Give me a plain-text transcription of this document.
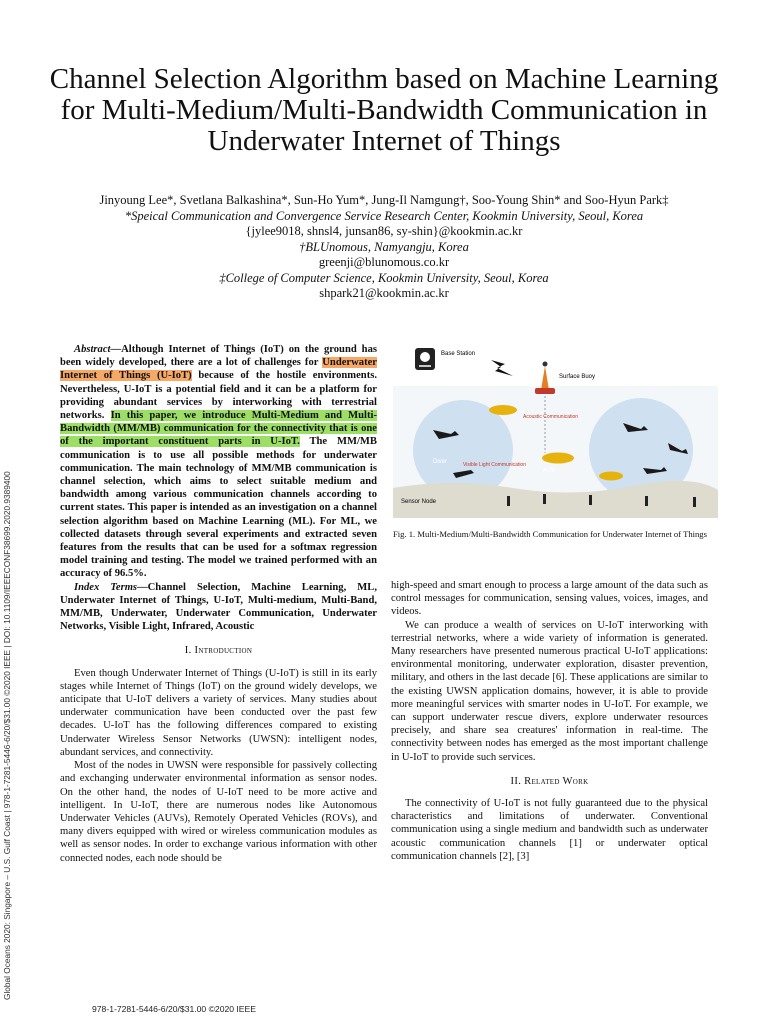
Channel Selection Algorithm based on Machine Learning for Multi-Medium/Multi-Bandwidth Communication in Underwater Internet of Things
Jinyoung Lee*, Svetlana Balkashina*, Sun-Ho Yum*, Jung-Il Namgung†, Soo-Young Shin* and Soo-Hyun Park‡
*Speical Communication and Convergence Service Research Center, Kookmin University, Seoul, Korea
{jylee9018, shnsl4, junsan86, sy-shin}@kookmin.ac.kr
†BLUnomous, Namyangju, Korea
greenji@blunomous.co.kr
‡College of Computer Science, Kookmin University, Seoul, Korea
shpark21@kookmin.ac.kr
Global Oceans 2020: Singapore – U.S. Gulf Coast | 978-1-7281-5446-6/20/$31.00 ©2020 IEEE | DOI: 10.1109/IEEECONF38699.2020.9389400

Abstract—Although Internet of Things (IoT) on the ground has been widely developed, there are a lot of challenges for Underwater Internet of Things (U-IoT) because of the hostile environments. Nevertheless, U-IoT is a potential field and it can be a platform for providing abundant services by interworking with terrestrial networks. In this paper, we introduce Multi-Medium and Multi-Bandwidth (MM/MB) communication for the connectivity that is one of the important constituent parts in U-IoT. The MM/MB communication is to use all possible methods for underwater communication. The main technology of MM/MB communication is channel selection, which aims to select suitable medium and bandwidth among various communication channels according to current states. This paper is intended as an investigation on a channel selection algorithm based on Machine Learning (ML). For ML, we collected datasets through several experiments and extracted seven features from the results that can be used for a softmax regression model training and testing. The model we trained performed with an accuracy of 96.5%.

Index Terms—Channel Selection, Machine Learning, ML, Underwater Internet of Things, U-IoT, Multi-medium, Multi-Band, MM/MB, Underwater, Underwater Communication, Underwater Networks, Visible Light, Infrared, Acoustic

I. Introduction

Even though Underwater Internet of Things (U-IoT) is still in its early stages while Internet of Things (IoT) on the ground widely develops, we anticipate that U-IoT delivers a variety of services. Many studies about underwater communication have been conducted over the past few decades. U-IoT has the following differences compared to existing Underwater Wireless Sensor Networks (UWSN): intelligent nodes, abundant services, and connectivity.

Most of the nodes in UWSN were responsible for passively collecting and exchanging underwater environmental information as sensor nodes. On the other hand, the nodes of U-IoT need to be more active and intelligent. In U-IoT, there are numerous nodes like Autonomous Underwater Vehicles (AUVs), Remotely Operated Vehicles (ROVs), and many divers equipped with wired or wireless communication modules as well as sensor nodes. In order to exchange various information with other connected nodes, each node should be

Base Station
Surface Buoy
Acoustic Communication
Visible Light Communication
AUV
Diver
Sensor Node
Fig. 1. Multi-Medium/Multi-Bandwidth Communication for Underwater Internet of Things

high-speed and smart enough to process a large amount of the data such as control messages for communication, sensing values, voices, images, and videos.

We can produce a wealth of services on U-IoT interworking with terrestrial networks, where a wide variety of information is generated. Many researchers have presented numerous practical U-IoT applications: environmental monitoring, underwater exploration, disaster prevention, military, and others in the last decade [6]. These applications are similar to the existing UWSN application domains, however, it is able to provide more meaningful services with smarter nodes in U-IoT. For example, we can support underwater rescue divers, explore underwater resources precisely, and share sea creatures' information in real-time. The connectivity between nodes has emerged as the most important challenge in U-IoT to provide such services.

II. Related Work

The connectivity of U-IoT is not fully guaranteed due to the physical characteristics and limitations of underwater. Conventional communication using a single medium and bandwidth such as underwater acoustic communication channels [1] or underwater optical communication channels [2], [3]

978-1-7281-5446-6/20/$31.00 ©2020 IEEE
